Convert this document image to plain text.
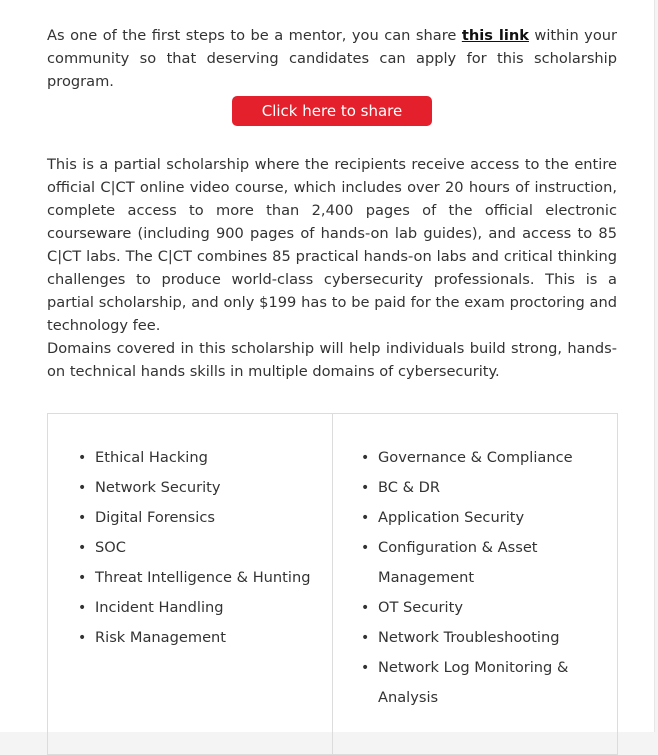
As one of the first steps to be a mentor, you can share this link within your community so that deserving candidates can apply for this scholarship program.

Click here to share

This is a partial scholarship where the recipients receive access to the entire official C|CT online video course, which includes over 20 hours of instruction, complete access to more than 2,400 pages of the official electronic courseware (including 900 pages of hands-on lab guides), and access to 85 C|CT labs. The C|CT combines 85 practical hands-on labs and critical thinking challenges to produce world-class cybersecurity professionals. This is a partial scholarship, and only $199 has to be paid for the exam proctoring and technology fee.

Domains covered in this scholarship will help individuals build strong, hands-on technical hands skills in multiple domains of cybersecurity.

• Ethical Hacking
• Network Security
• Digital Forensics
• SOC
• Threat Intelligence & Hunting
• Incident Handling
• Risk Management
• Governance & Compliance
• BC & DR
• Application Security
• Configuration & Asset Management
• OT Security
• Network Troubleshooting
• Network Log Monitoring & Analysis
